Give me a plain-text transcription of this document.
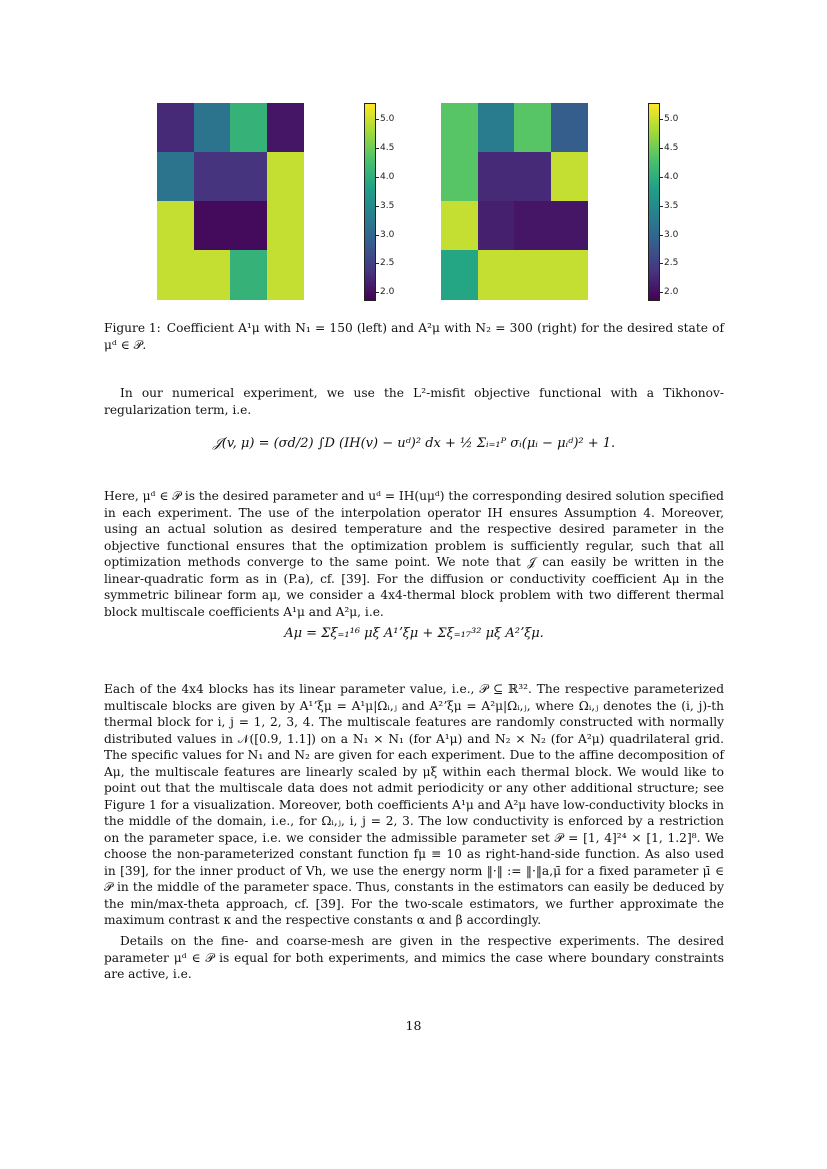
5.0
4.5
4.0
3.5
3.0
2.5
2.0
5.0
4.5
4.0
3.5
3.0
2.5
2.0
Figure 1: Coefficient A¹μ with N₁ = 150 (left) and A²μ with N₂ = 300 (right) for the desired state of μᵈ ∈ 𝒫.
In our numerical experiment, we use the L²-misfit objective functional with a Tikhonov-regularization term, i.e.
𝒥(v, μ) = (σd/2) ∫D (IH(v) − uᵈ)² dx + ½ Σᵢ₌₁ᴾ σᵢ(μᵢ − μᵢᵈ)² + 1.
Here, μᵈ ∈ 𝒫 is the desired parameter and uᵈ = IH(uμᵈ) the corresponding desired solution specified in each experiment. The use of the interpolation operator IH ensures Assumption 4. Moreover, using an actual solution as desired temperature and the respective desired parameter in the objective functional ensures that the optimization problem is sufficiently regular, such that all optimization methods converge to the same point. We note that 𝒥 can easily be written in the linear-quadratic form as in (P.a), cf. [39]. For the diffusion or conductivity coefficient Aμ in the symmetric bilinear form aμ, we consider a 4x4-thermal block problem with two different thermal block multiscale coefficients A¹μ and A²μ, i.e.
Aμ = Σξ₌₁¹⁶ μξ A¹ʼξμ + Σξ₌₁₇³² μξ A²ʼξμ.
Each of the 4x4 blocks has its linear parameter value, i.e., 𝒫 ⊆ ℝ³². The respective parameterized multiscale blocks are given by A¹ʼξμ = A¹μ|Ωᵢ,ⱼ and A²ʼξμ = A²μ|Ωᵢ,ⱼ, where Ωᵢ,ⱼ denotes the (i, j)-th thermal block for i, j = 1, 2, 3, 4. The multiscale features are randomly constructed with normally distributed values in 𝒩([0.9, 1.1]) on a N₁ × N₁ (for A¹μ) and N₂ × N₂ (for A²μ) quadrilateral grid. The specific values for N₁ and N₂ are given for each experiment. Due to the affine decomposition of Aμ, the multiscale features are linearly scaled by μξ within each thermal block. We would like to point out that the multiscale data does not admit periodicity or any other additional structure; see Figure 1 for a visualization. Moreover, both coefficients A¹μ and A²μ have low-conductivity blocks in the middle of the domain, i.e., for Ωᵢ,ⱼ, i, j = 2, 3. The low conductivity is enforced by a restriction on the parameter space, i.e. we consider the admissible parameter set 𝒫 = [1, 4]²⁴ × [1, 1.2]⁸. We choose the non-parameterized constant function fμ ≡ 10 as right-hand-side function. As also used in [39], for the inner product of Vh, we use the energy norm ‖·‖ := ‖·‖a,μ̄ for a fixed parameter μ̄ ∈ 𝒫 in the middle of the parameter space. Thus, constants in the estimators can easily be deduced by the min/max-theta approach, cf. [39]. For the two-scale estimators, we further approximate the maximum contrast κ and the respective constants α and β accordingly.
Details on the fine- and coarse-mesh are given in the respective experiments. The desired parameter μᵈ ∈ 𝒫 is equal for both experiments, and mimics the case where boundary constraints are active, i.e.
18
